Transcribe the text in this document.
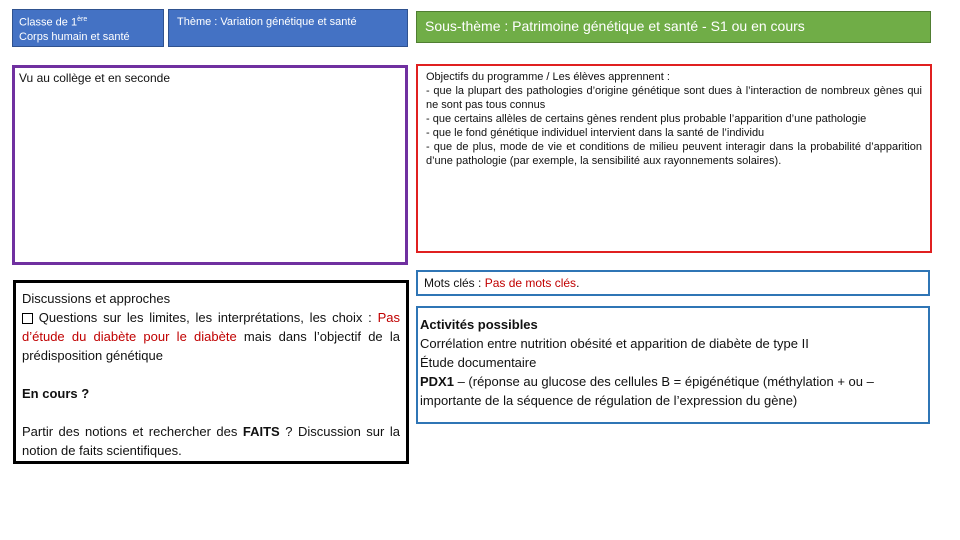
Classe de 1ère
Corps humain et santé
Thème : Variation génétique et santé	Sous-thème : Patrimoine génétique et santé - S1 ou en cours
Vu au collège et en seconde	Objectifs du programme / Les élèves apprennent :

- que la plupart des pathologies d’origine génétique sont dues à l’interaction de nombreux gènes qui ne sont pas tous connus

- que certains allèles de certains gènes rendent plus probable l’apparition d’une pathologie

- que le fond génétique individuel intervient dans la santé de l’individu

- que de plus, mode de vie et conditions de milieu peuvent interagir dans la probabilité d’apparition d’une pathologie (par exemple, la sensibilité aux rayonnements solaires).

Discussions et approches

Questions sur les limites, les interprétations, les choix : Pas d’étude du diabète pour le diabète mais dans l’objectif de la prédisposition génétique

En cours ?

Partir des notions et rechercher des FAITS ? Discussion sur la notion de faits scientifiques.

Mots clés : Pas de mots clés.

Activités possibles

Corrélation entre nutrition obésité et apparition de diabète de type II

Étude documentaire

PDX1 – (réponse au glucose des cellules B = épigénétique (méthylation + ou – importante de la séquence de régulation de l’expression du gène)
